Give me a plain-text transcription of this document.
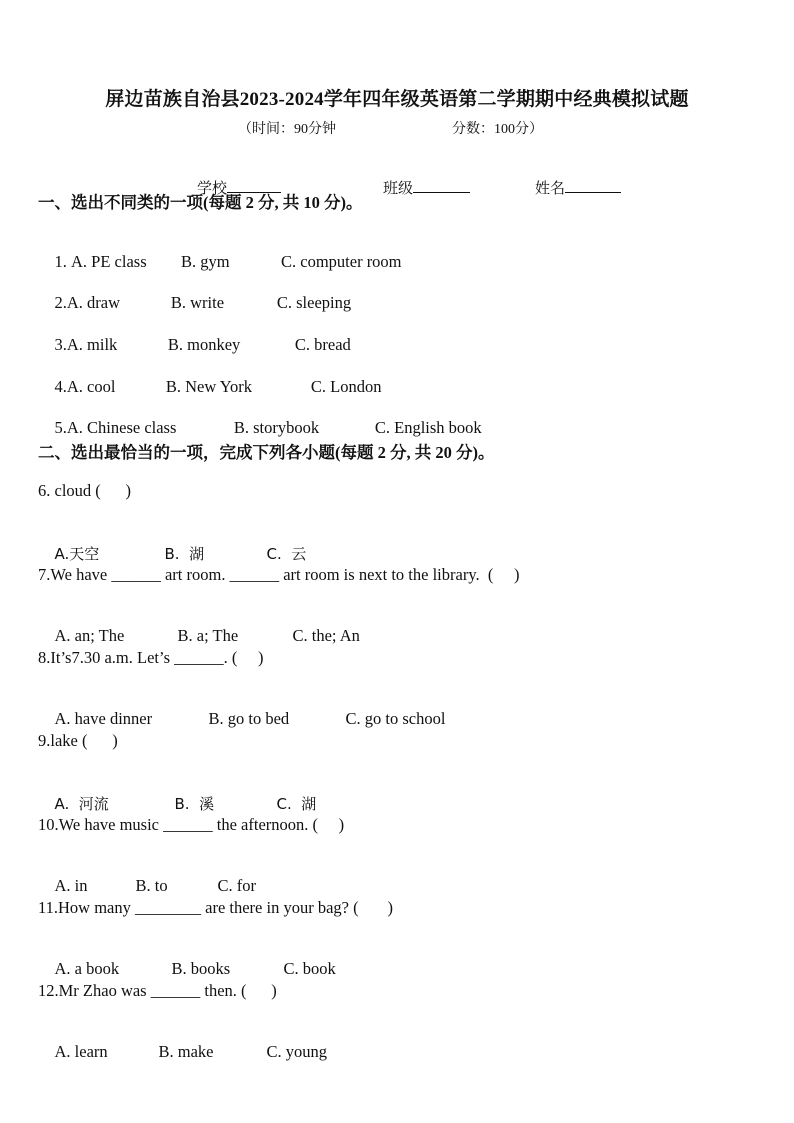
屏边苗族自治县2023-2024学年四年级英语第二学期期中经典模拟试题
（时间：90分钟	分数：100分）

学校
	班级
	姓名

一、选出不同类的一项(每题 2 分, 共 10 分)。

1. A. PE class B. gym	C. computer room

2.A. draw	B. write	C. sleeping

3.A. milk	B. monkey	C. bread

4.A. cool	B. New York	C. London

5.A. Chinese class	B. storybook	C. English book

二、选出最恰当的一项，完成下列各小题(每题 2 分, 共 20 分)。
6. cloud (      )

A.天空	B.  湖	C.  云

7.We have ______ art room. ______ art room is next to the library.  (     )

A. an; The	B. a; The	C. the; An

8.It’s7.30 a.m. Let’s ______. (     )

A. have dinner	B. go to bed	C. go to school

9.lake (      )

A.  河流	B.  溪	C.  湖

10.We have music ______ the afternoon. (     )

A. in	B. to	C. for

11.How many ________ are there in your bag? (       )

A. a book	B. books	C. book

12.Mr Zhao was ______ then. (      )

A. learn	B. make	C. young
